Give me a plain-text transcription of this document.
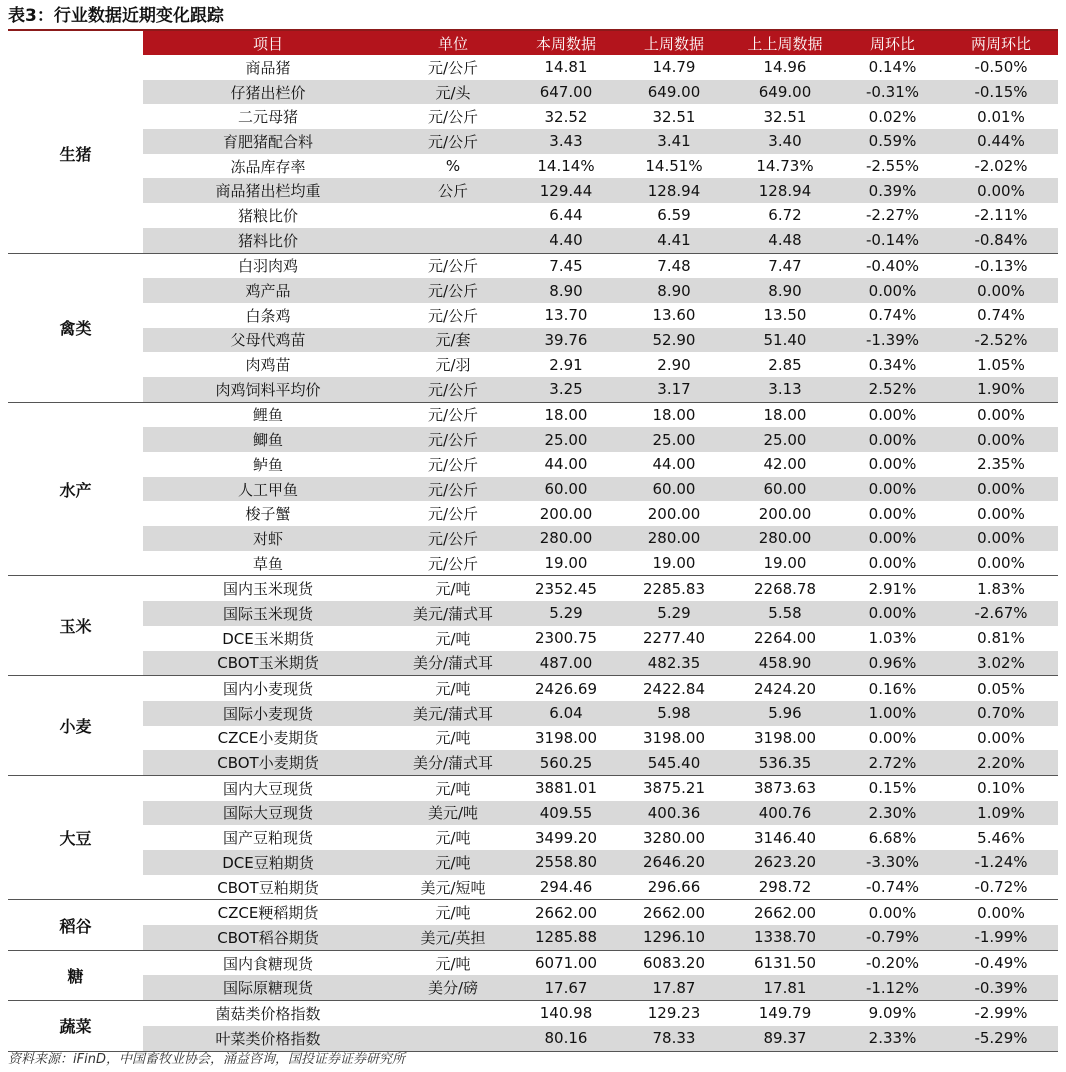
表3：行业数据近期变化跟踪
	项目	单位	本周数据	上周数据	上上周数据	周环比	两周环比
生猪	商品猪	元/公斤	14.81	14.79	14.96	0.14%	-0.50%
	仔猪出栏价	元/头	647.00	649.00	649.00	-0.31%	-0.15%
	二元母猪	元/公斤	32.52	32.51	32.51	0.02%	0.01%
	育肥猪配合料	元/公斤	3.43	3.41	3.40	0.59%	0.44%
	冻品库存率	%	14.14%	14.51%	14.73%	-2.55%	-2.02%
	商品猪出栏均重	公斤	129.44	128.94	128.94	0.39%	0.00%
	猪粮比价		6.44	6.59	6.72	-2.27%	-2.11%
	猪料比价		4.40	4.41	4.48	-0.14%	-0.84%
禽类	白羽肉鸡	元/公斤	7.45	7.48	7.47	-0.40%	-0.13%
	鸡产品	元/公斤	8.90	8.90	8.90	0.00%	0.00%
	白条鸡	元/公斤	13.70	13.60	13.50	0.74%	0.74%
	父母代鸡苗	元/套	39.76	52.90	51.40	-1.39%	-2.52%
	肉鸡苗	元/羽	2.91	2.90	2.85	0.34%	1.05%
	肉鸡饲料平均价	元/公斤	3.25	3.17	3.13	2.52%	1.90%
水产	鲤鱼	元/公斤	18.00	18.00	18.00	0.00%	0.00%
	鲫鱼	元/公斤	25.00	25.00	25.00	0.00%	0.00%
	鲈鱼	元/公斤	44.00	44.00	42.00	0.00%	2.35%
	人工甲鱼	元/公斤	60.00	60.00	60.00	0.00%	0.00%
	梭子蟹	元/公斤	200.00	200.00	200.00	0.00%	0.00%
	对虾	元/公斤	280.00	280.00	280.00	0.00%	0.00%
	草鱼	元/公斤	19.00	19.00	19.00	0.00%	0.00%
玉米	国内玉米现货	元/吨	2352.45	2285.83	2268.78	2.91%	1.83%
	国际玉米现货	美元/蒲式耳	5.29	5.29	5.58	0.00%	-2.67%
	DCE玉米期货	元/吨	2300.75	2277.40	2264.00	1.03%	0.81%
	CBOT玉米期货	美分/蒲式耳	487.00	482.35	458.90	0.96%	3.02%
小麦	国内小麦现货	元/吨	2426.69	2422.84	2424.20	0.16%	0.05%
	国际小麦现货	美元/蒲式耳	6.04	5.98	5.96	1.00%	0.70%
	CZCE小麦期货	元/吨	3198.00	3198.00	3198.00	0.00%	0.00%
	CBOT小麦期货	美分/蒲式耳	560.25	545.40	536.35	2.72%	2.20%
大豆	国内大豆现货	元/吨	3881.01	3875.21	3873.63	0.15%	0.10%
	国际大豆现货	美元/吨	409.55	400.36	400.76	2.30%	1.09%
	国产豆粕现货	元/吨	3499.20	3280.00	3146.40	6.68%	5.46%
	DCE豆粕期货	元/吨	2558.80	2646.20	2623.20	-3.30%	-1.24%
	CBOT豆粕期货	美元/短吨	294.46	296.66	298.72	-0.74%	-0.72%
稻谷	CZCE粳稻期货	元/吨	2662.00	2662.00	2662.00	0.00%	0.00%
	CBOT稻谷期货	美元/英担	1285.88	1296.10	1338.70	-0.79%	-1.99%
糖	国内食糖现货	元/吨	6071.00	6083.20	6131.50	-0.20%	-0.49%
	国际原糖现货	美分/磅	17.67	17.87	17.81	-1.12%	-0.39%
蔬菜	菌菇类价格指数		140.98	129.23	149.79	9.09%	-2.99%
	叶菜类价格指数		80.16	78.33	89.37	2.33%	-5.29%
资料来源：iFinD，中国畜牧业协会，涌益咨询，国投证券证券研究所
